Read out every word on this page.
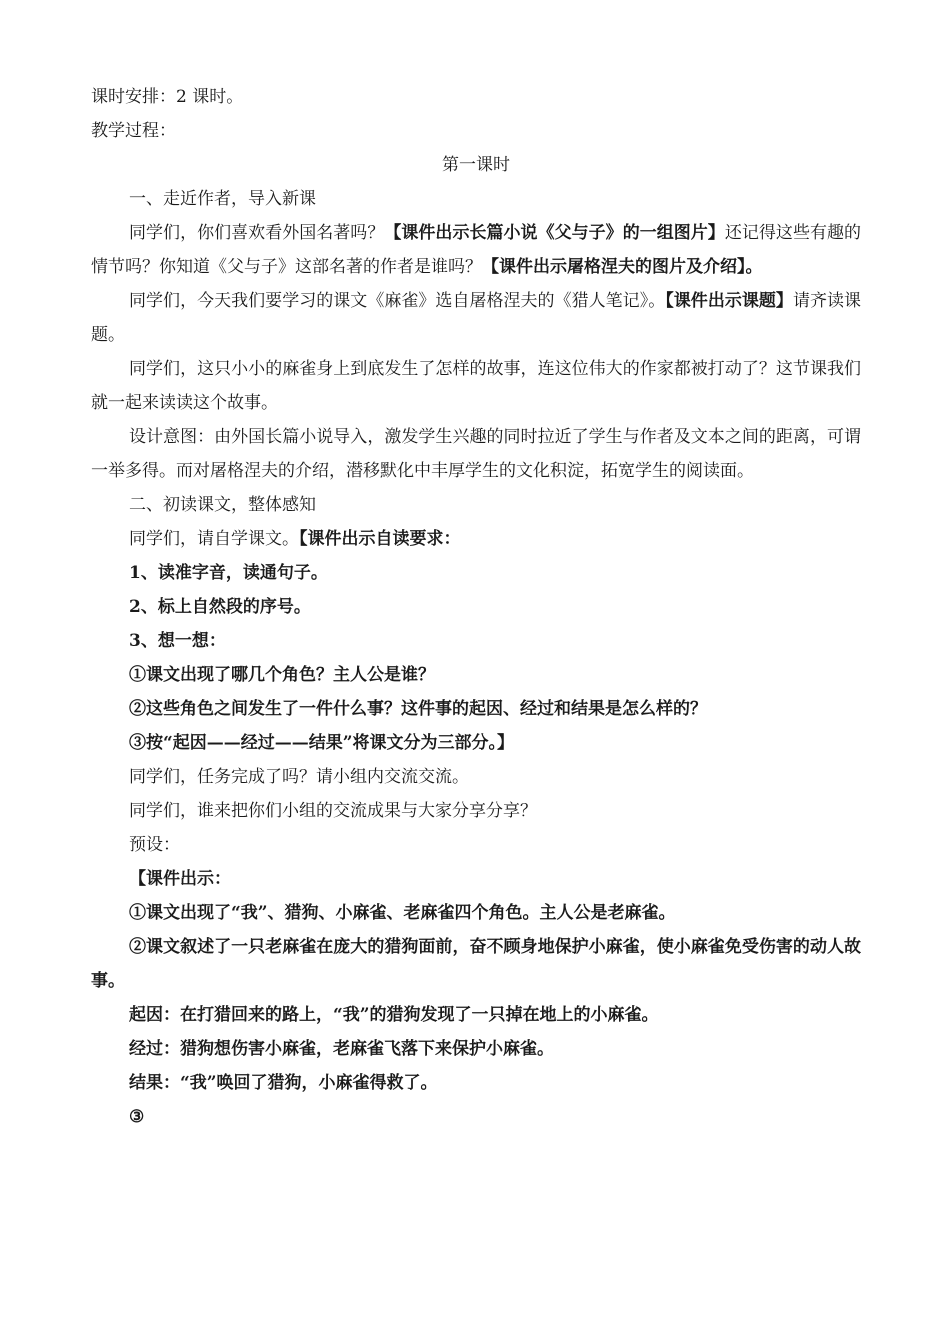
课时安排：2 课时。

教学过程：

第一课时

一、走近作者，导入新课

同学们，你们喜欢看外国名著吗？【课件出示长篇小说《父与子》的一组图片】还记得这些有趣的情节吗？你知道《父与子》这部名著的作者是谁吗？【课件出示屠格涅夫的图片及介绍】。

同学们，今天我们要学习的课文《麻雀》选自屠格涅夫的《猎人笔记》。【课件出示课题】请齐读课题。

同学们，这只小小的麻雀身上到底发生了怎样的故事，连这位伟大的作家都被打动了？这节课我们就一起来读读这个故事。

设计意图：由外国长篇小说导入，激发学生兴趣的同时拉近了学生与作者及文本之间的距离，可谓一举多得。而对屠格涅夫的介绍，潜移默化中丰厚学生的文化积淀，拓宽学生的阅读面。

二、初读课文，整体感知

同学们，请自学课文。【课件出示自读要求：

1、读准字音，读通句子。

2、标上自然段的序号。

3、想一想：

①课文出现了哪几个角色？主人公是谁？

②这些角色之间发生了一件什么事？这件事的起因、经过和结果是怎么样的？

③按“起因——经过——结果”将课文分为三部分。】

同学们，任务完成了吗？请小组内交流交流。

同学们，谁来把你们小组的交流成果与大家分享分享？

预设：

【课件出示：

①课文出现了“我”、猎狗、小麻雀、老麻雀四个角色。主人公是老麻雀。

②课文叙述了一只老麻雀在庞大的猎狗面前，奋不顾身地保护小麻雀，使小麻雀免受伤害的动人故事。

起因：在打猎回来的路上，“我”的猎狗发现了一只掉在地上的小麻雀。

经过：猎狗想伤害小麻雀，老麻雀飞落下来保护小麻雀。

结果：“我”唤回了猎狗，小麻雀得救了。

③
